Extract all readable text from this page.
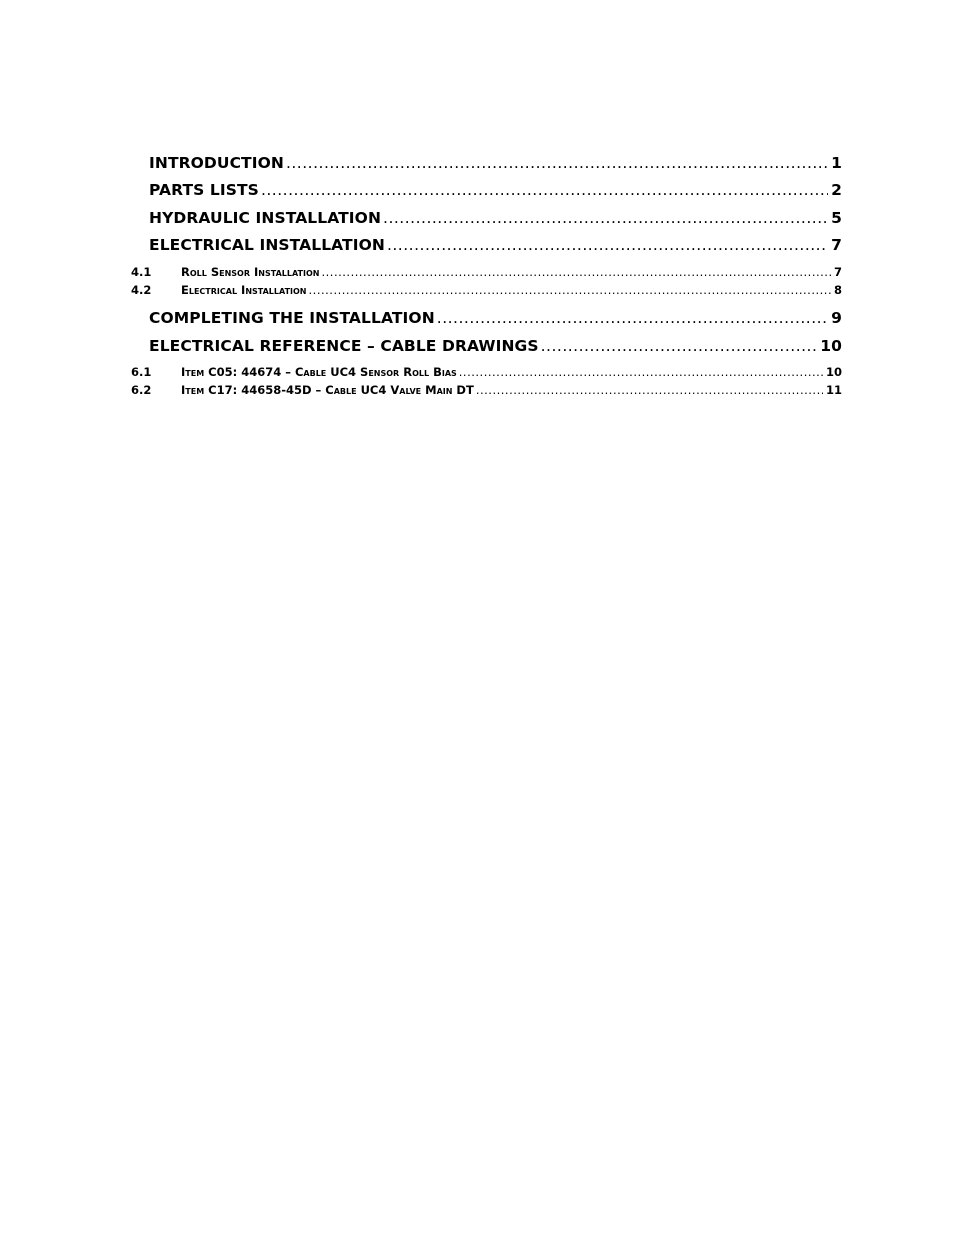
INTRODUCTION .....	1
PARTS LISTS .....	2
HYDRAULIC INSTALLATION .....	5
ELECTRICAL INSTALLATION .....	7
4.1	Roll Sensor Installation .....	7
4.2	Electrical Installation .....	8
COMPLETING THE INSTALLATION .....	9
ELECTRICAL REFERENCE – CABLE DRAWINGS .....	10
6.1	Item C05: 44674 – Cable UC4 Sensor Roll Bias .....	10
6.2	Item C17: 44658-45D – Cable UC4 Valve Main DT .....	11
